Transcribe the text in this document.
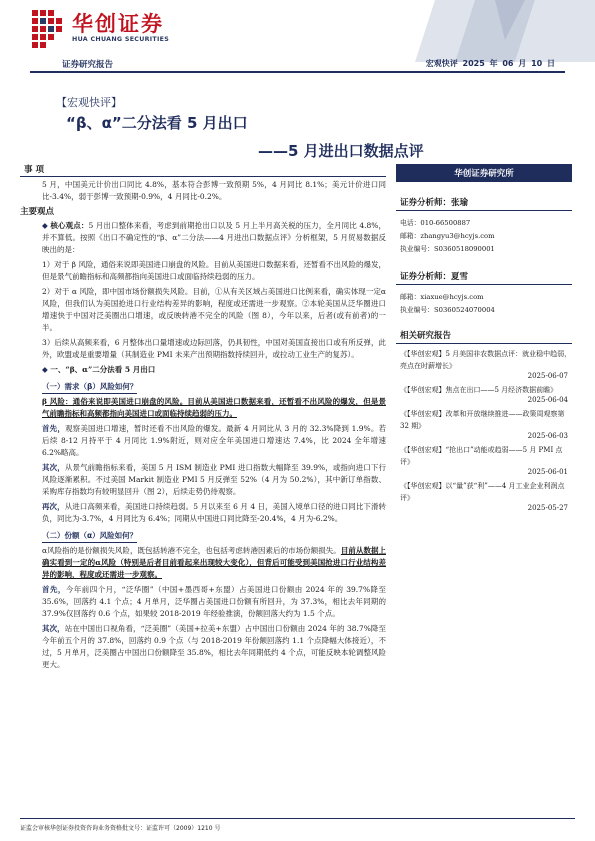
华创证券
HUA CHUANG SECURITIES
证券研究报告	宏观快评 2025 年 06 月 10 日
【宏观快评】
“β、α”二分法看 5 月出口
——5 月进出口数据点评
事 项
5 月，中国美元计价出口同比 4.8%，基本符合彭博一致预期 5%，4 月同比 8.1%；美元计价进口同比-3.4%，弱于彭博一致预期-0.9%，4 月同比-0.2%。
主要观点
◆ 核心观点：5 月出口整体来看，考虑到前期抢出口以及 5 月上半月高关税的压力，全月同比 4.8%，并不算低。按照《出口不确定性的“β、α”二分法——4 月进出口数据点评》分析框架，5 月贸易数据反映出的是：
1）对于 β 风险，通俗来说即美国进口崩盘的风险。目前从美国进口数据来看，还暂看不出风险的爆发，但是景气前瞻指标和高频都指向美国进口或面临持续趋弱的压力。
2）对于 α 风险，即中国市场份额损失风险。目前，①从有关区域占美国进口比例来看，确实体现一定α风险，但我们认为美国抢进口行业结构差异的影响，程度或还需进一步观察。②本轮美国从泛华圈进口增速快于中国对泛美圈出口增速，或反映转港不完全的风险（图 8），今年以来，后者(或有前者)的一半。
3）后续从高频来看，6 月整体出口量增速或边际回落，仍具韧性，中国对美国直接出口或有所反弹，此外，欧盟或是重要增量（其制造业 PMI 未来产出预期指数持续回升，或拉动工业生产的复苏）。
◆ 一、“β、α”二分法看 5 月出口
（一）需求（β）风险如何？
β 风险：通俗来说即美国进口崩盘的风险。目前从美国进口数据来看，还暂看不出风险的爆发，但是景气前瞻指标和高频都指向美国进口或面临持续趋弱的压力。
首先，观察美国进口增速，暂时还看不出风险的爆发。最新 4 月同比从 3 月的 32.3%降到 1.9%。若后续 8-12 月持平于 4 月同比 1.9%附近，则对应全年美国进口增速达 7.4%，比 2024 全年增速 6.2%略高。
其次，从景气前瞻指标来看，美国 5 月 ISM 制造业 PMI 进口指数大幅降至 39.9%，或指向进口下行风险逐渐累积。不过美国 Markit 制造业 PMI 5 月反弹至 52%（4 月为 50.2%），其中新订单指数、采购库存指数均有较明显回升（图 2），后续走势仍待观察。
再次，从进口高频来看，美国进口持续趋弱。5 月以来至 6 月 4 日，美国入境单口径的进口同比下滑转负，同比为-3.7%，4 月同比为 6.4%；同期从中国进口同比降至-20.4%，4 月为-6.2%。
（二）份额（α）风险如何？
α风险指的是份额损失风险，既包括转港不完全，也包括考虑转港因素后的市场份额损失。目前从数据上确实看到一定的α风险（特别是后者目前看起来出现较大变化），但背后可能受到美国抢进口行业结构差异的影响，程度或还需进一步观察。
首先，今年前四个月，“泛华圈”（中国+墨西哥+东盟）占美国进口份额由 2024 年的 39.7%降至 35.6%，回落约 4.1 个点；4 月单月，泛华圈占美国进口份额有所回升，为 37.3%，相比去年同期的 37.9%仅回落约 0.6 个点，如果较 2018-2019 年经验推演，份额回落大约为 1.5 个点。
其次，站在中国出口视角看，“泛美圈”（美国+拉美+东盟）占中国出口份额由 2024 年的 38.7%降至今年前五个月的 37.8%，回落约 0.9 个点（与 2018-2019 年份额回落约 1.1 个点降幅大体接近），不过，5 月单月，泛美圈占中国出口份额降至 35.8%，相比去年同期低约 4 个点，可能反映本轮调整风险更大。
华创证券研究所
证券分析师：张瑜
电话：010-66500887
邮箱：zhangyu3@hcyjs.com
执业编号：S0360518090001
证券分析师：夏雪
邮箱：xiaxue@hcyjs.com
执业编号：S0360524070004
相关研究报告
《【华创宏观】5 月美国非农数据点评：就业稳中趋弱，亮点在时薪增长》
2025-06-07
《【华创宏观】焦点在出口——5 月经济数据前瞻》
2025-06-04
《【华创宏观】改革和开放继续推进——政策周观察第 32 期》
2025-06-03
《【华创宏观】“抢出口”动能或趋弱——5 月 PMI 点评》
2025-06-01
《【华创宏观】以“量”获“利”——4 月工业企业利润点评》
2025-05-27
证监会审核华创证券投资咨询业务资格批文号：证监许可（2009）1210 号
